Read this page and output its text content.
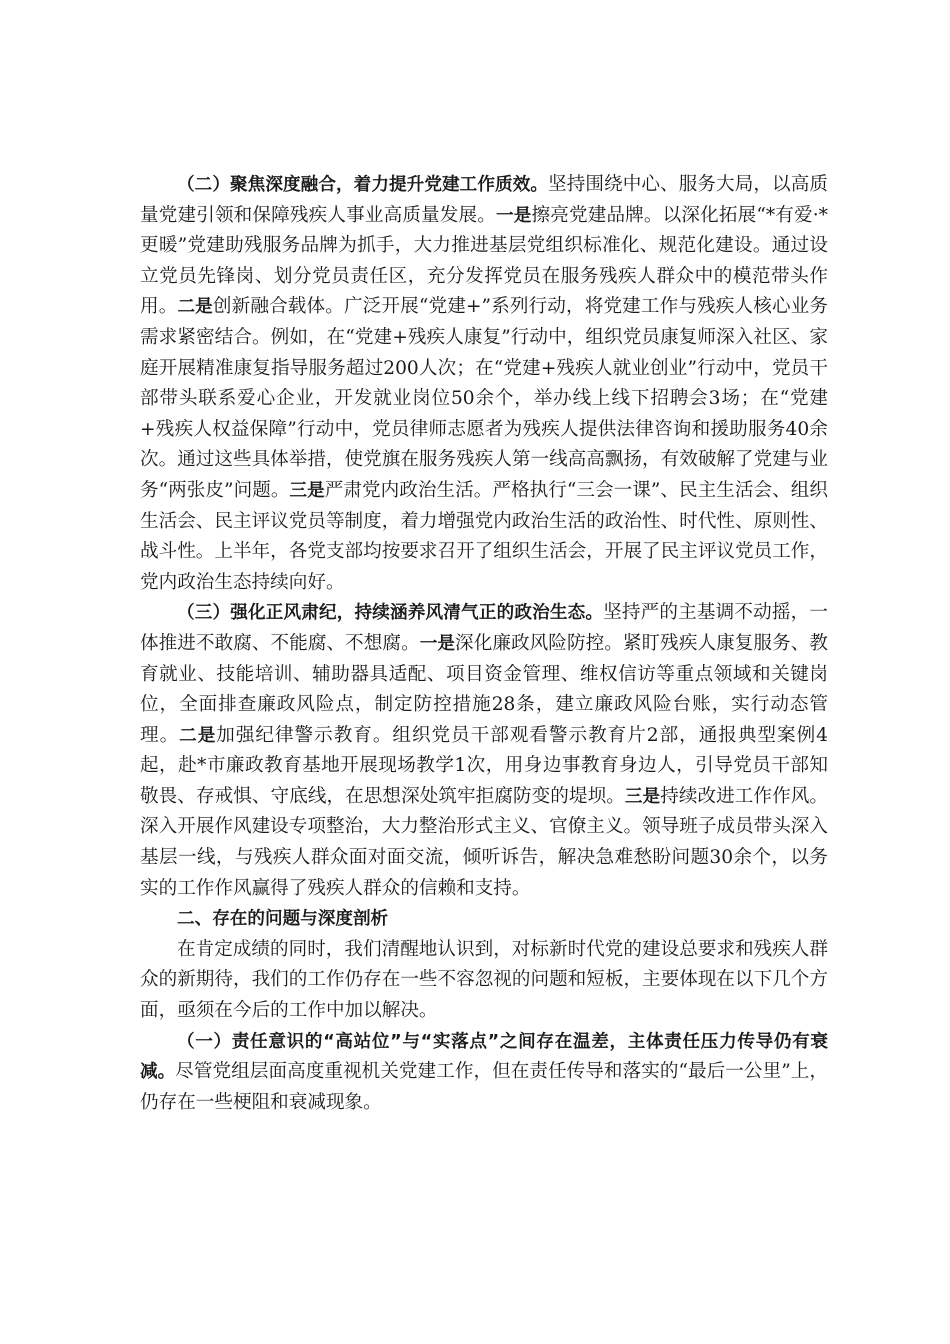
（二）聚焦深度融合，着力提升党建工作质效。坚持围绕中心、服务大局，以高质量党建引领和保障残疾人事业高质量发展。一是擦亮党建品牌。以深化拓展“*有爱·*更暖”党建助残服务品牌为抓手，大力推进基层党组织标准化、规范化建设。通过设立党员先锋岗、划分党员责任区，充分发挥党员在服务残疾人群众中的模范带头作用。二是创新融合载体。广泛开展“党建+”系列行动，将党建工作与残疾人核心业务需求紧密结合。例如，在“党建+残疾人康复”行动中，组织党员康复师深入社区、家庭开展精准康复指导服务超过200人次；在“党建+残疾人就业创业”行动中，党员干部带头联系爱心企业，开发就业岗位50余个，举办线上线下招聘会3场；在“党建+残疾人权益保障”行动中，党员律师志愿者为残疾人提供法律咨询和援助服务40余次。通过这些具体举措，使党旗在服务残疾人第一线高高飘扬，有效破解了党建与业务“两张皮”问题。三是严肃党内政治生活。严格执行“三会一课”、民主生活会、组织生活会、民主评议党员等制度，着力增强党内政治生活的政治性、时代性、原则性、战斗性。上半年，各党支部均按要求召开了组织生活会，开展了民主评议党员工作，党内政治生态持续向好。

（三）强化正风肃纪，持续涵养风清气正的政治生态。坚持严的主基调不动摇，一体推进不敢腐、不能腐、不想腐。一是深化廉政风险防控。紧盯残疾人康复服务、教育就业、技能培训、辅助器具适配、项目资金管理、维权信访等重点领域和关键岗位，全面排查廉政风险点，制定防控措施28条，建立廉政风险台账，实行动态管理。二是加强纪律警示教育。组织党员干部观看警示教育片2部，通报典型案例4起，赴*市廉政教育基地开展现场教学1次，用身边事教育身边人，引导党员干部知敬畏、存戒惧、守底线，在思想深处筑牢拒腐防变的堤坝。三是持续改进工作作风。深入开展作风建设专项整治，大力整治形式主义、官僚主义。领导班子成员带头深入基层一线，与残疾人群众面对面交流，倾听诉告，解决急难愁盼问题30余个，以务实的工作作风赢得了残疾人群众的信赖和支持。

二、存在的问题与深度剖析

在肯定成绩的同时，我们清醒地认识到，对标新时代党的建设总要求和残疾人群众的新期待，我们的工作仍存在一些不容忽视的问题和短板，主要体现在以下几个方面，亟须在今后的工作中加以解决。

（一）责任意识的“高站位”与“实落点”之间存在温差，主体责任压力传导仍有衰减。尽管党组层面高度重视机关党建工作，但在责任传导和落实的“最后一公里”上，仍存在一些梗阻和衰减现象。
